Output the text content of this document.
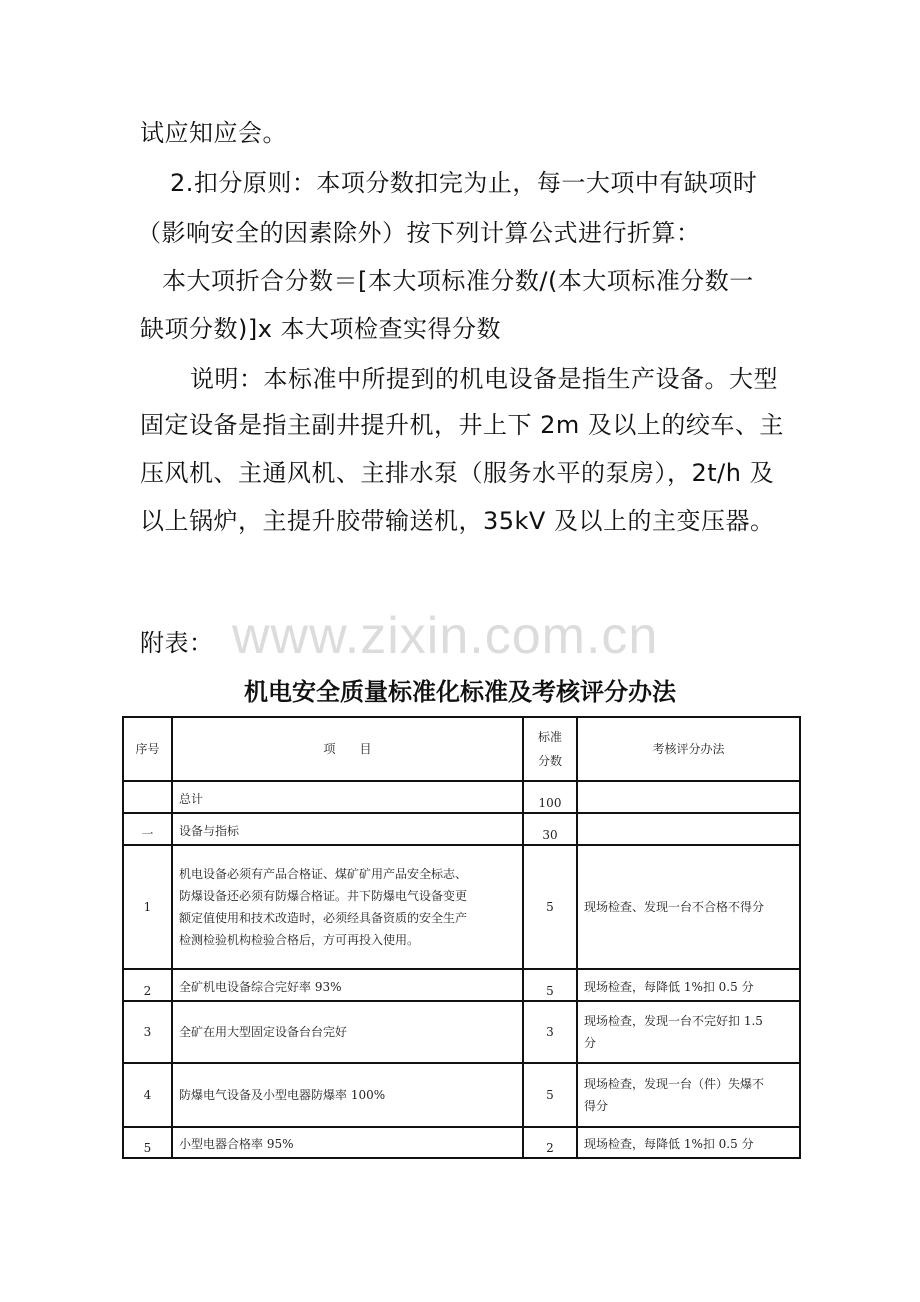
试应知应会。
2.扣分原则：本项分数扣完为止，每一大项中有缺项时
（影响安全的因素除外）按下列计算公式进行折算：
本大项折合分数＝[本大项标准分数/(本大项标准分数一
缺项分数)]x 本大项检查实得分数
说明：本标准中所提到的机电设备是指生产设备。大型
固定设备是指主副井提升机，井上下 2m 及以上的绞车、主
压风机、主通风机、主排水泵（服务水平的泵房），2t/h 及
以上锅炉，主提升胶带输送机，35kV 及以上的主变压器。
www.zixin.com.cn
附表：
机电安全质量标准化标准及考核评分办法
序号	项　　目	标准
分数	考核评分办法
	总计	100	
一	设备与指标	30	
1	机电设备必须有产品合格证、煤矿矿用产品安全标志、
防爆设备还必须有防爆合格证。井下防爆电气设备变更
额定值使用和技术改造时，必须经具备资质的安全生产
检测检验机构检验合格后，方可再投入使用。	5	现场检查、发现一台不合格不得分
2	全矿机电设备综合完好率 93%	5	现场检查，每降低 1%扣 0.5 分
3	全矿在用大型固定设备台台完好	3	现场检查，发现一台不完好扣 1.5
分

4	防爆电气设备及小型电器防爆率 100%	5	现场检查，发现一台（件）失爆不
得分

5	小型电器合格率 95%	2	现场检查，每降低 1%扣 0.5 分
